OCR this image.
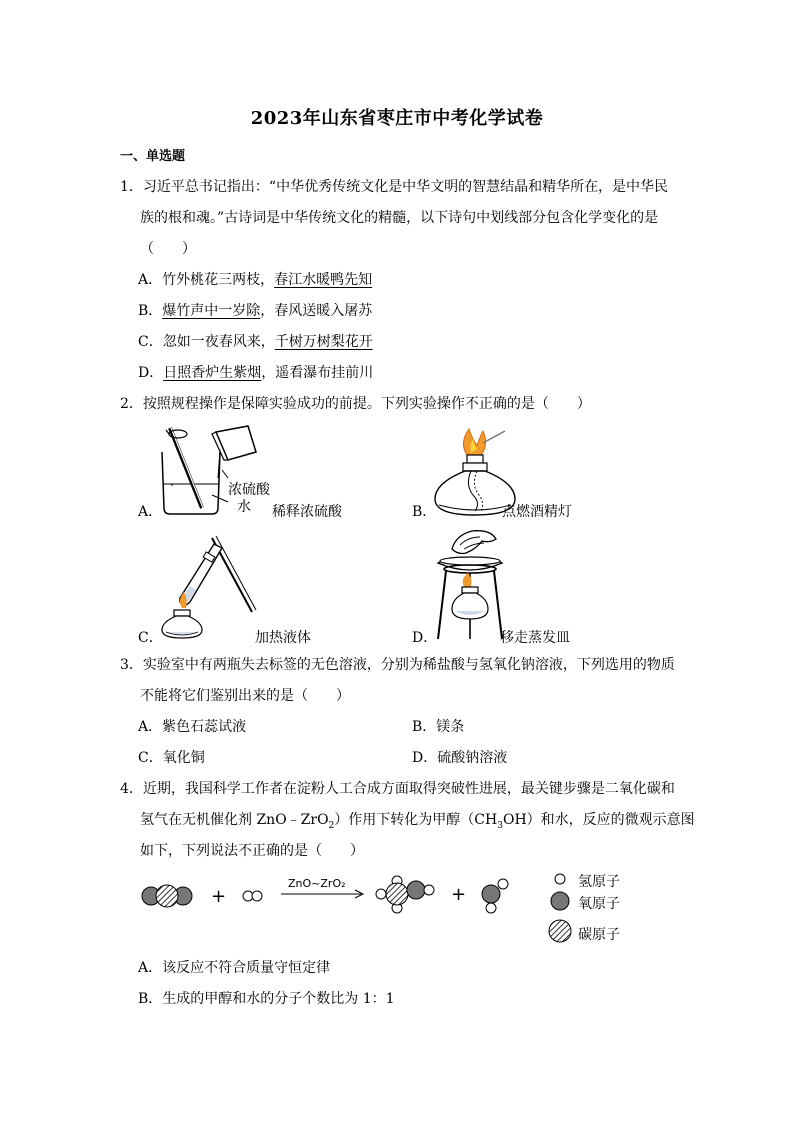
2023年山东省枣庄市中考化学试卷
一、单选题
1．习近平总书记指出：“中华优秀传统文化是中华文明的智慧结晶和精华所在，是中华民
族的根和魂。”古诗词是中华传统文化的精髓，以下诗句中划线部分包含化学变化的是
（　　）
A．竹外桃花三两枝，春江水暖鸭先知
B．爆竹声中一岁除，春风送暖入屠苏
C．忽如一夜春风来，千树万树梨花开
D．日照香炉生紫烟，遥看瀑布挂前川
2．按照规程操作是保障实验成功的前提。下列实验操作不正确的是（　　）
浓硫酸
水
A．	稀释浓硫酸	B．	点燃酒精灯
C．	加热液体	D．	移走蒸发皿
3．实验室中有两瓶失去标签的无色溶液，分别为稀盐酸与氢氧化钠溶液，下列选用的物质
不能将它们鉴别出来的是（　　）
A．紫色石蕊试液	B．镁条
C．氧化铜	D．硫酸钠溶液
4．近期，我国科学工作者在淀粉人工合成方面取得突破性进展，最关键步骤是二氧化碳和
氢气在无机催化剂 ZnO﹣ZrO$_2$）作用下转化为甲醇$(CH_3OH)$和水，反应的微观示意图
如下，下列说法不正确的是（　　）
+	+
ZnO~ZrO₂	氢原子
氧原子
碳原子
A．该反应不符合质量守恒定律
B．生成的甲醇和水的分子个数比为 1：1
